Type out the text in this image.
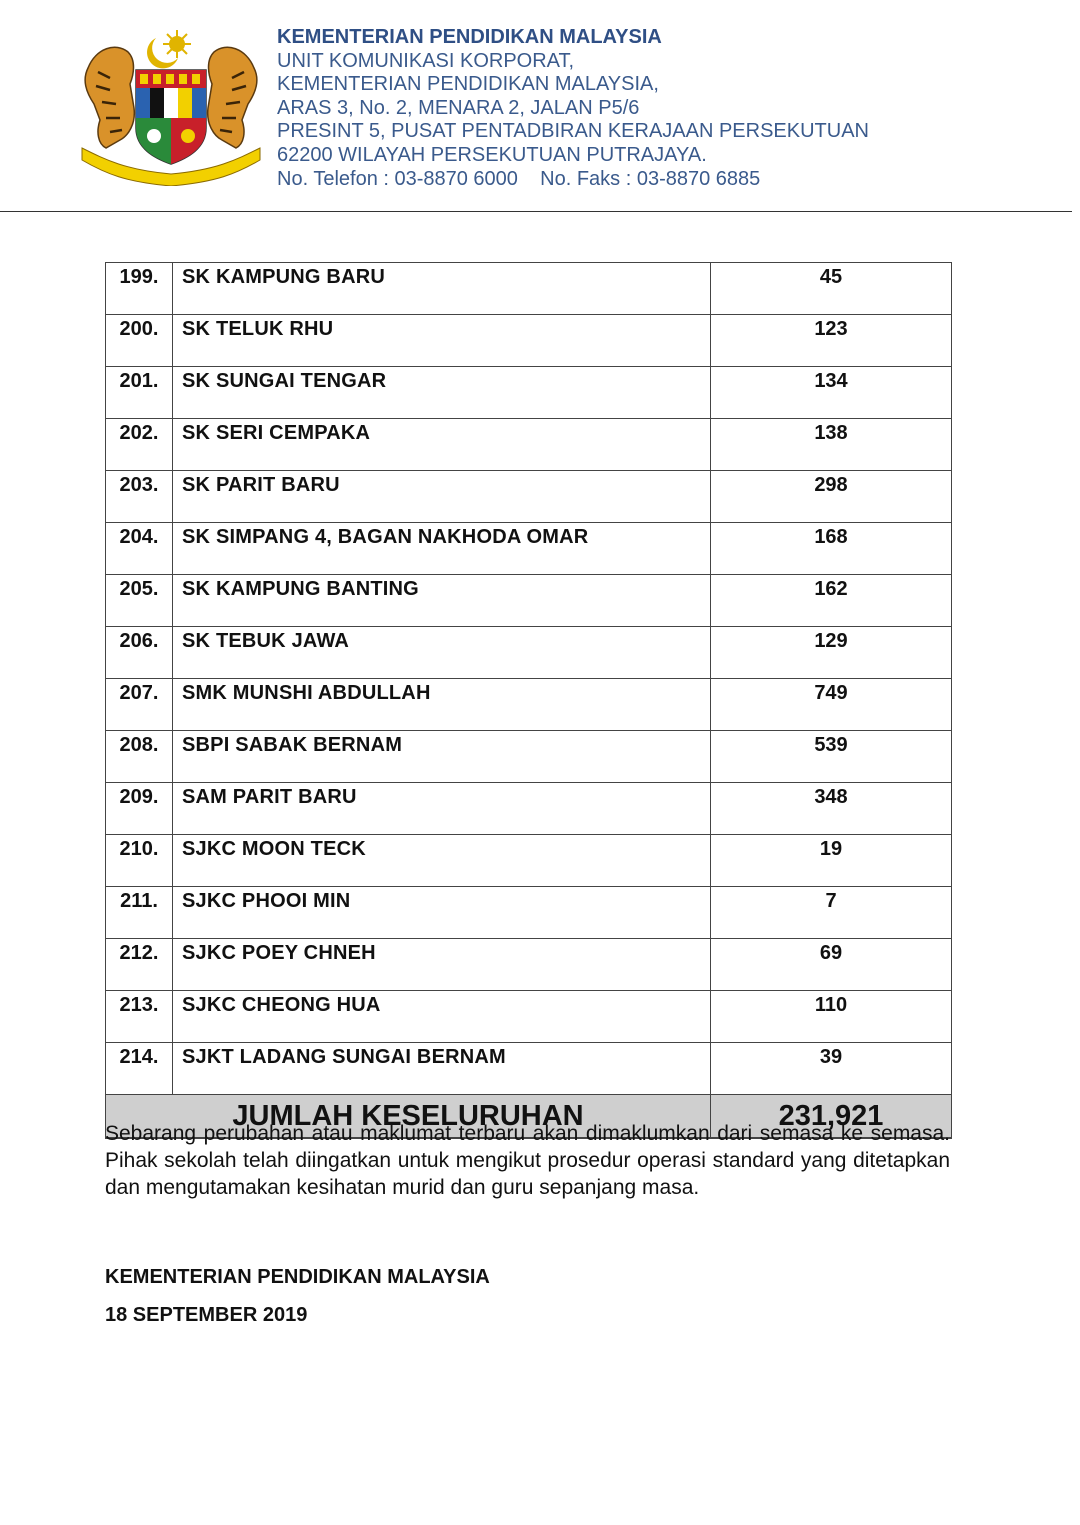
KEMENTERIAN PENDIDIKAN MALAYSIA
UNIT KOMUNIKASI KORPORAT,
KEMENTERIAN PENDIDIKAN MALAYSIA,
ARAS 3, No. 2, MENARA 2, JALAN P5/6
PRESINT 5, PUSAT PENTADBIRAN KERAJAAN PERSEKUTUAN
62200 WILAYAH PERSEKUTUAN PUTRAJAYA.
No. Telefon : 03-8870 6000    No. Faks : 03-8870 6885
199.	SK KAMPUNG BARU	45
200.	SK TELUK RHU	123
201.	SK SUNGAI TENGAR	134
202.	SK SERI CEMPAKA	138
203.	SK PARIT BARU	298
204.	SK SIMPANG 4, BAGAN NAKHODA OMAR	168
205.	SK KAMPUNG BANTING	162
206.	SK TEBUK JAWA	129
207.	SMK MUNSHI ABDULLAH	749
208.	SBPI SABAK BERNAM	539
209.	SAM PARIT BARU	348
210.	SJKC MOON TECK	19
211.	SJKC PHOOI MIN	7
212.	SJKC POEY CHNEH	69
213.	SJKC CHEONG HUA	110
214.	SJKT LADANG SUNGAI BERNAM	39
JUMLAH KESELURUHAN		231,921

Sebarang perubahan atau maklumat terbaru akan dimaklumkan dari semasa ke semasa. Pihak sekolah telah diingatkan untuk mengikut prosedur operasi standard yang ditetapkan dan mengutamakan kesihatan murid dan guru sepanjang masa.

KEMENTERIAN PENDIDIKAN MALAYSIA
18 SEPTEMBER 2019
